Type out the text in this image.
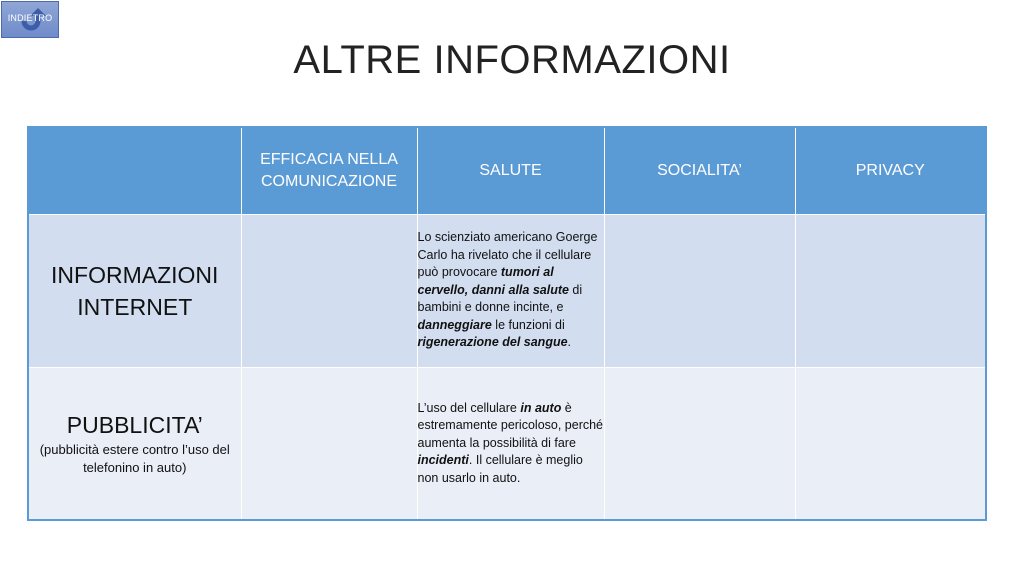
INDIETRO
ALTRE INFORMAZIONI
	EFFICACIA NELLA COMUNICAZIONE	SALUTE	SOCIALITA’	PRIVACY

INFORMAZIONI INTERNET		Lo scienziato americano Goerge Carlo ha rivelato che il cellulare può provocare tumori al cervello, danni alla salute di bambini e donne incinte, e danneggiare le funzioni di rigenerazione del sangue.		

PUBBLICITA’
(pubblicità estere contro l’uso del telefonino in auto)		L’uso del cellulare in auto è estremamente pericoloso, perché aumenta la possibilità di fare incidenti. Il cellulare è meglio non usarlo in auto.		
